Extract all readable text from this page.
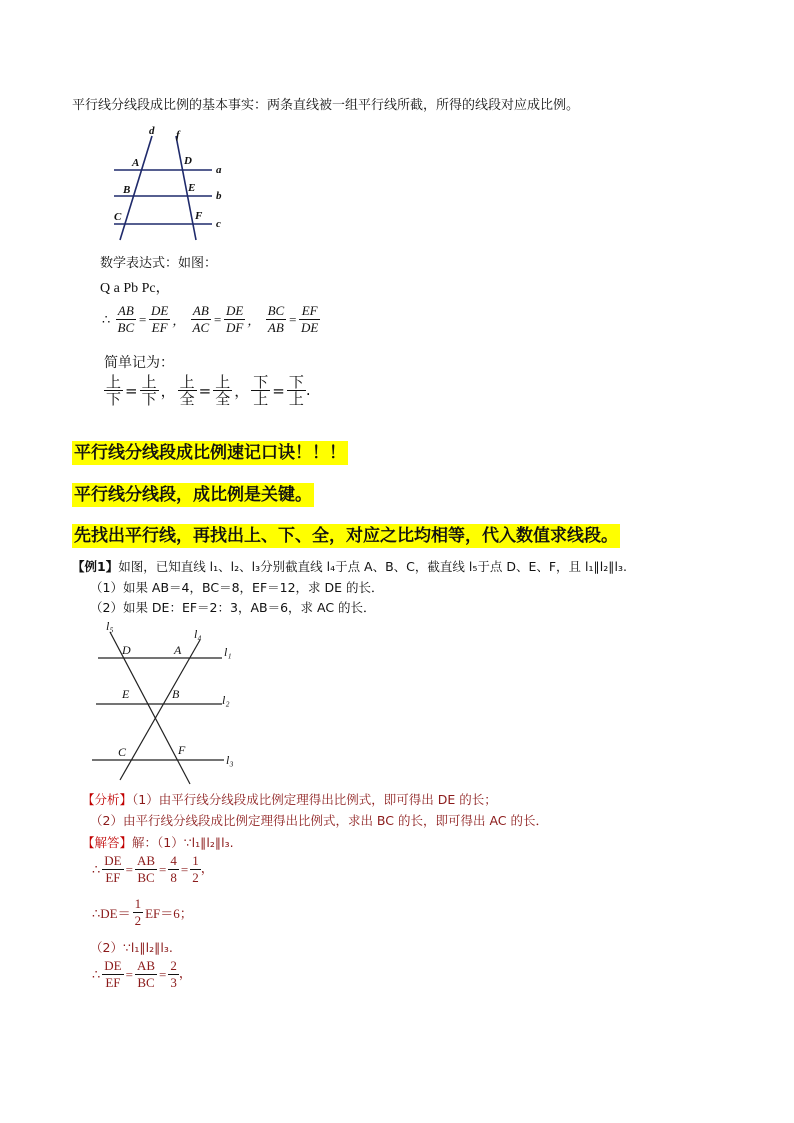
平行线分线段成比例的基本事实：两条直线被一组平行线所截，所得的线段对应成比例。
d f
a
b
c
A
B
C
D
E
F
数学表达式：如图：
Q a Pb Pc，
∴ $\frac{AB}{BC} = \frac{DE}{EF}$ ， $\frac{AB}{AC} = \frac{DE}{DF}$ ， $\frac{BC}{AB} = \frac{EF}{DE}$
简单记为：
$\frac{\text{上}}{\text{下}} = \frac{\text{上}}{\text{下}}$ ， $\frac{\text{上}}{\text{全}} = \frac{\text{上}}{\text{全}}$ ， $\frac{\text{下}}{\text{上}} = \frac{\text{下}}{\text{上}}$ .
平行线分线段成比例速记口诀！！！
平行线分线段，成比例是关键。
先找出平行线，再找出上、下、全，对应之比均相等，代入数值求线段。
【例1】如图，已知直线 l₁、l₂、l₃分别截直线 l₄于点 A、B、C，截直线 l₅于点 D、E、F，且 l₁∥l₂∥l₃.
（1）如果 AB＝4，BC＝8，EF＝12，求 DE 的长．
（2）如果 DE：EF＝2：3，AB＝6，求 AC 的长．
l₅
l₄
l₁
l₂
l₃
D	A
E	B
C	F
【分析】（1）由平行线分线段成比例定理得出比例式，即可得出 DE 的长；
（2）由平行线分线段成比例定理得出比例式，求出 BC 的长，即可得出 AC 的长．
【解答】解：（1）∵l₁∥l₂∥l₃.
∴ $\frac{DE}{EF} = \frac{AB}{BC} = \frac{4}{8} = \frac{1}{2}$ ，
∴DE＝ $\frac{1}{2} EF=6$；
（2）∵l₁∥l₂∥l₃.
∴ $\frac{DE}{EF} = \frac{AB}{BC} = \frac{2}{3}$ ，
